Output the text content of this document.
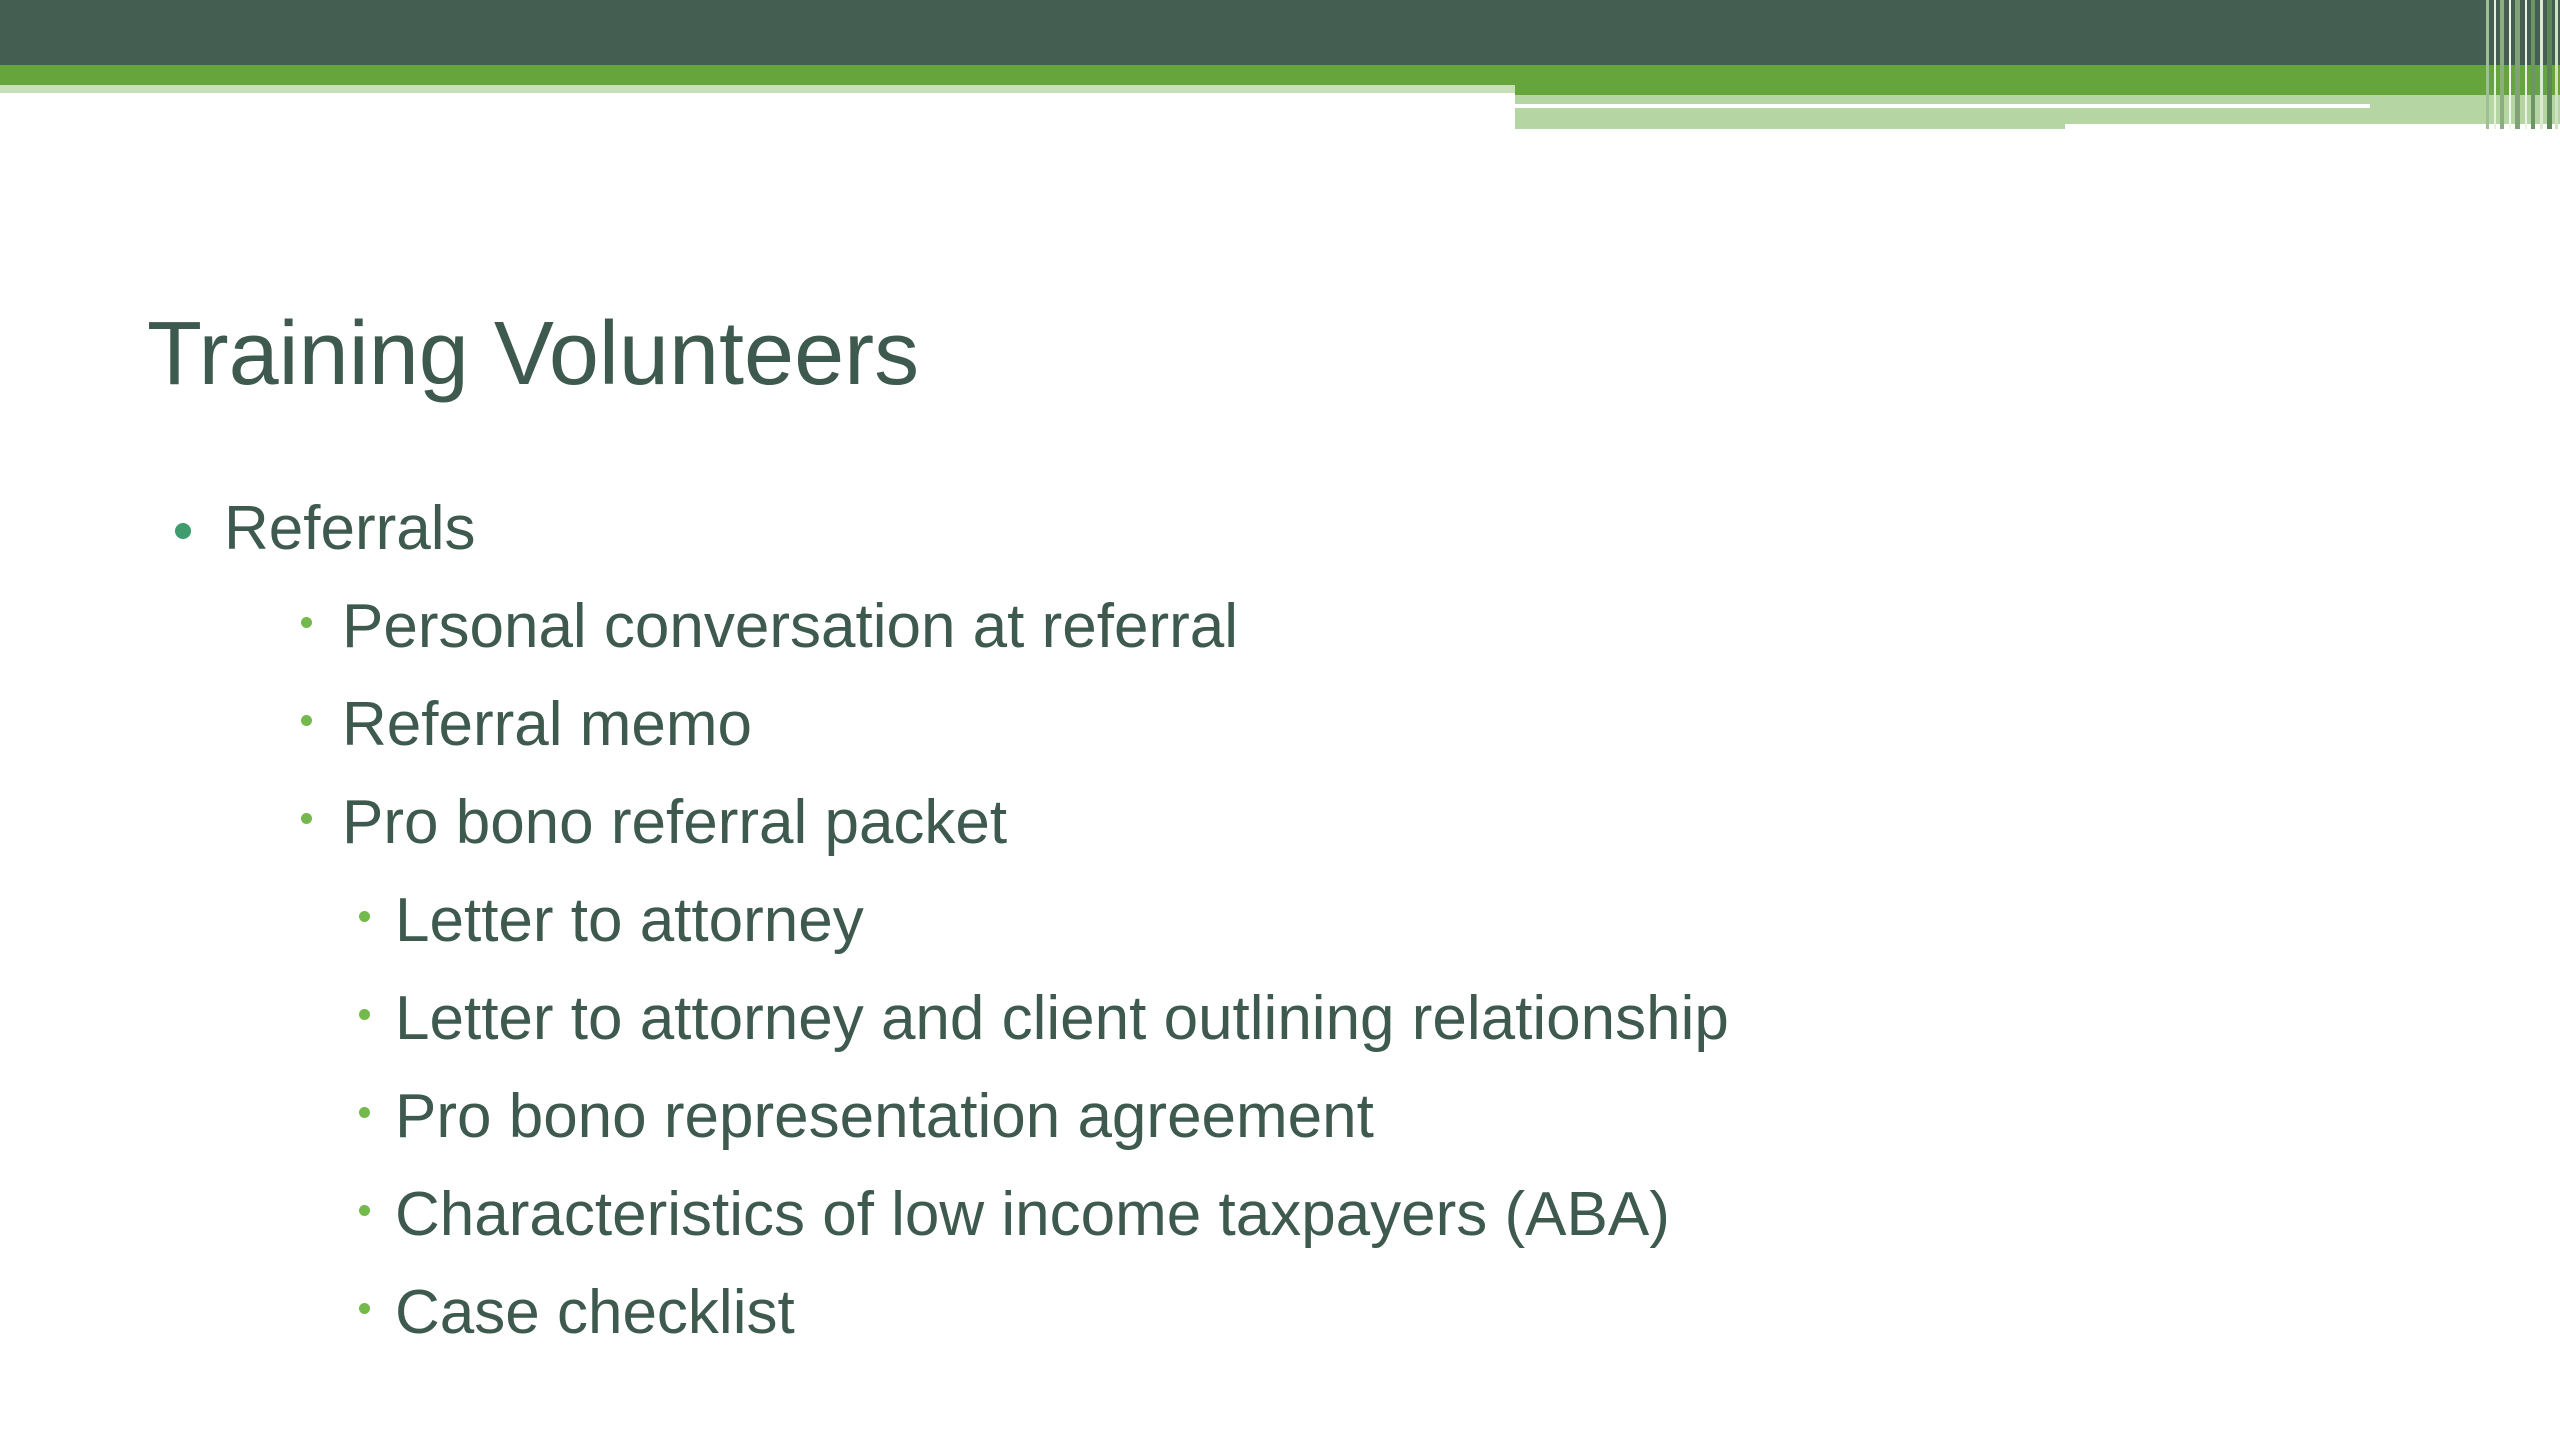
Training Volunteers
Referrals
Personal conversation at referral
Referral memo
Pro bono referral packet
Letter to attorney
Letter to attorney and client outlining relationship
Pro bono representation agreement
Characteristics of low income taxpayers (ABA)
Case checklist
